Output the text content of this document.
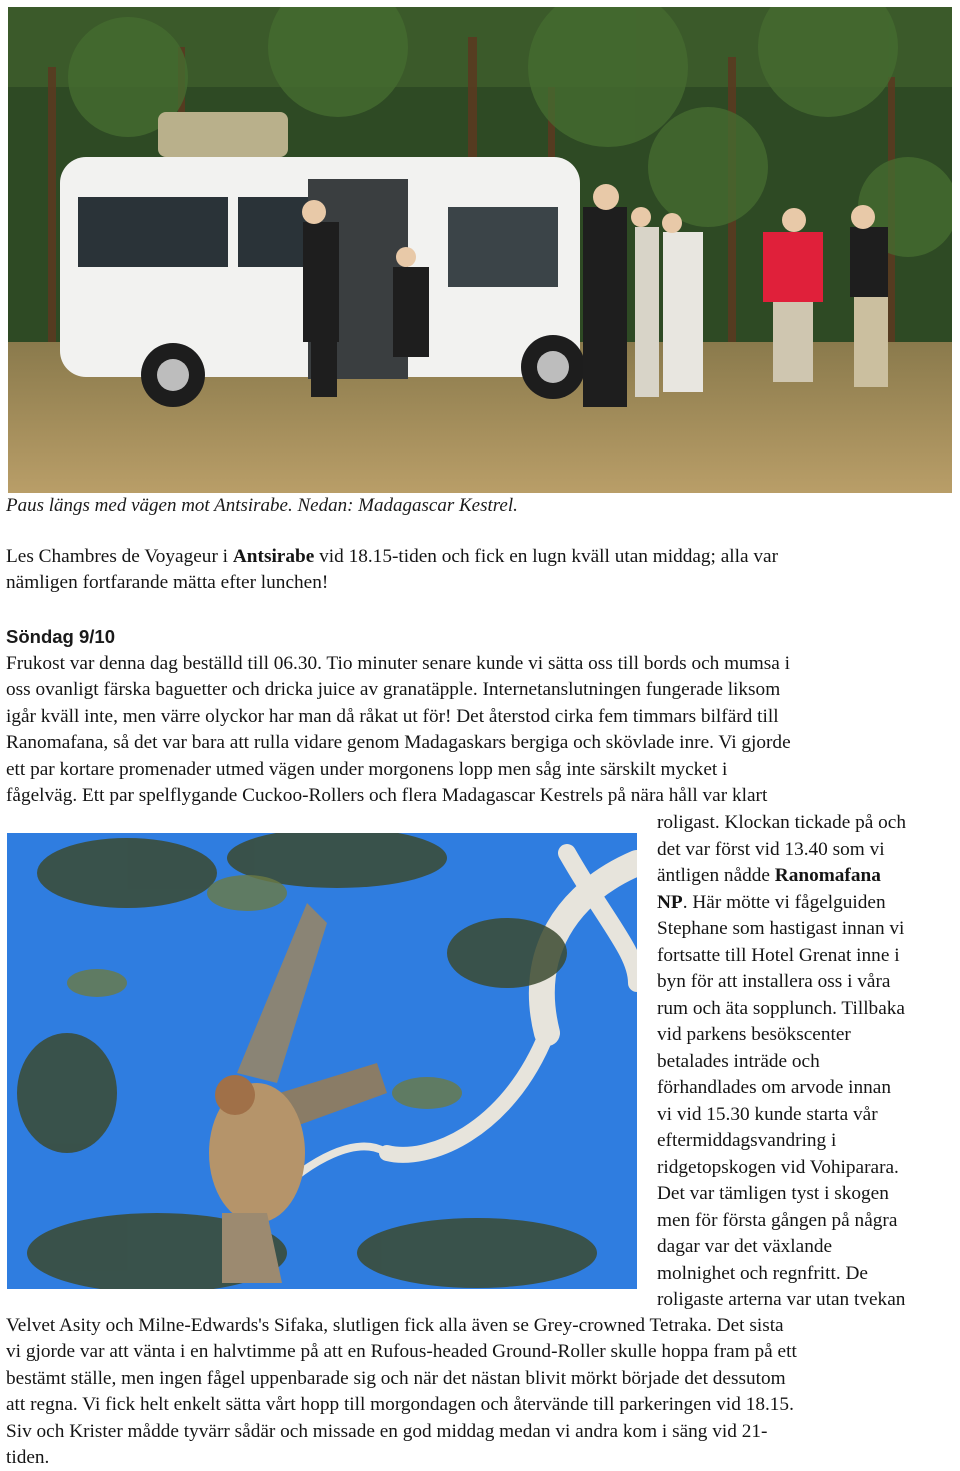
Paus längs med vägen mot Antsirabe. Nedan: Madagascar Kestrel.
Les Chambres de Voyageur i Antsirabe vid 18.15-tiden och fick en lugn kväll utan middag; alla var
nämligen fortfarande mätta efter lunchen!
Söndag 9/10
Frukost var denna dag beställd till 06.30. Tio minuter senare kunde vi sätta oss till bords och mumsa i
oss ovanligt färska baguetter och dricka juice av granatäpple. Internetanslutningen fungerade liksom
igår kväll inte, men värre olyckor har man då råkat ut för! Det återstod cirka fem timmars bilfärd till
Ranomafana, så det var bara att rulla vidare genom Madagaskars bergiga och skövlade inre. Vi gjorde
ett par kortare promenader utmed vägen under morgonens lopp men såg inte särskilt mycket i
fågelväg. Ett par spelflygande Cuckoo-Rollers och flera Madagascar Kestrels på nära håll var klart
roligast. Klockan tickade på och
det var först vid 13.40 som vi
äntligen nådde Ranomafana
NP. Här mötte vi fågelguiden
Stephane som hastigast innan vi
fortsatte till Hotel Grenat inne i
byn för att installera oss i våra
rum och äta sopplunch. Tillbaka
vid parkens besökscenter
betalades inträde och
förhandlades om arvode innan
vi vid 15.30 kunde starta vår
eftermiddagsvandring i
ridgetopskogen vid Vohiparara.
Det var tämligen tyst i skogen
men för första gången på några
dagar var det växlande
molnighet och regnfritt. De
roligaste arterna var utan tvekan
Velvet Asity och Milne-Edwards's Sifaka, slutligen fick alla även se Grey-crowned Tetraka. Det sista
vi gjorde var att vänta i en halvtimme på att en Rufous-headed Ground-Roller skulle hoppa fram på ett
bestämt ställe, men ingen fågel uppenbarade sig och när det nästan blivit mörkt började det dessutom
att regna. Vi fick helt enkelt sätta vårt hopp till morgondagen och återvände till parkeringen vid 18.15.
Siv och Krister mådde tyvärr sådär och missade en god middag medan vi andra kom i säng vid 21-
tiden.
